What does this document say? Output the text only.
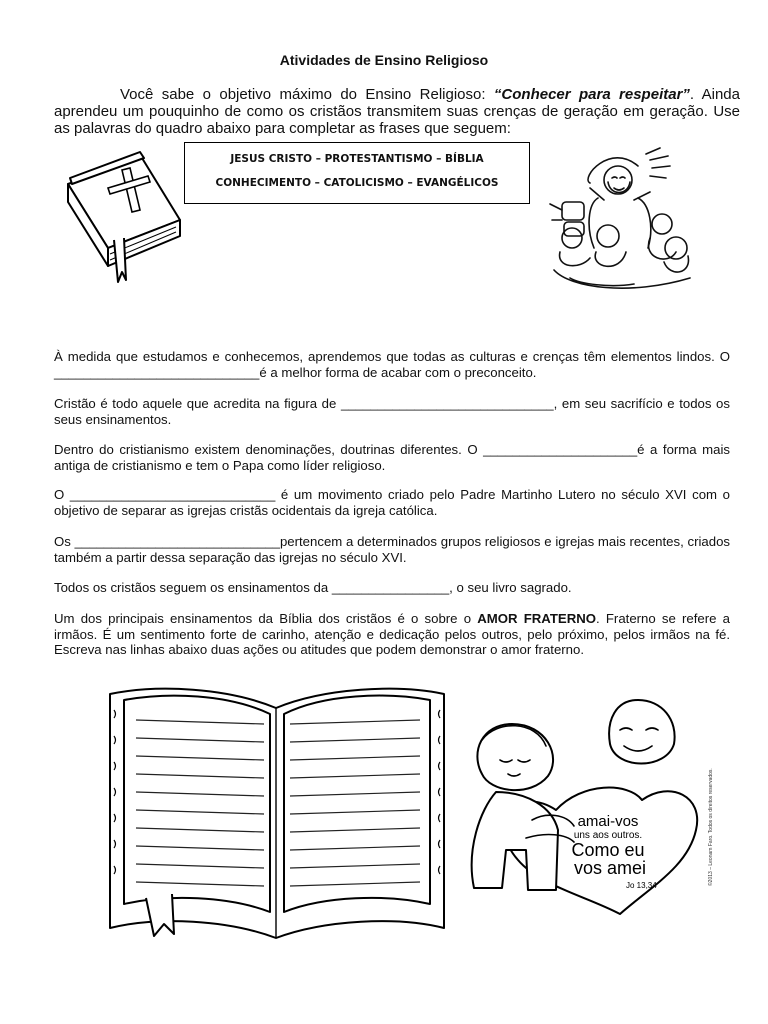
Atividades de Ensino Religioso
Você sabe o objetivo máximo do Ensino Religioso: “Conhecer para respeitar”. Ainda aprendeu um pouquinho de como os cristãos transmitem suas crenças de geração em geração. Use as palavras do quadro abaixo para completar as frases que seguem:
JESUS CRISTO – PROTESTANTISMO – BÍBLIA
CONHECIMENTO – CATOLICISMO – EVANGÉLICOS
À medida que estudamos e conhecemos, aprendemos que todas as culturas e crenças têm elementos lindos. O ____________________________é a melhor forma de acabar com o preconceito.
Cristão é todo aquele que acredita na figura de _____________________________, em seu sacrifício e todos os seus ensinamentos.
Dentro do cristianismo existem denominações, doutrinas diferentes. O _____________________é a forma mais antiga de cristianismo e tem o Papa como líder religioso.
O ____________________________ é um movimento criado pelo Padre Martinho Lutero no século XVI com o objetivo de separar as igrejas cristãs ocidentais da igreja católica.
Os ____________________________pertencem a determinados grupos religiosos e igrejas mais recentes, criados também a partir dessa separação das igrejas no século XVI.
Todos os cristãos seguem os ensinamentos da ________________, o seu livro sagrado.
Um dos principais ensinamentos da Bíblia dos cristãos é o sobre o AMOR FRATERNO. Fraterno se refere a irmãos. É um sentimento forte de carinho, atenção e dedicação pelos outros, pelo próximo, pelos irmãos na fé. Escreva nas linhas abaixo duas ações ou atitudes que podem demonstrar o amor fraterno.
amai-vos
uns aos outros.
Como eu
vos amei
Jo 13,34	©2013 – Leonam Faro. Todos os direitos reservados.
